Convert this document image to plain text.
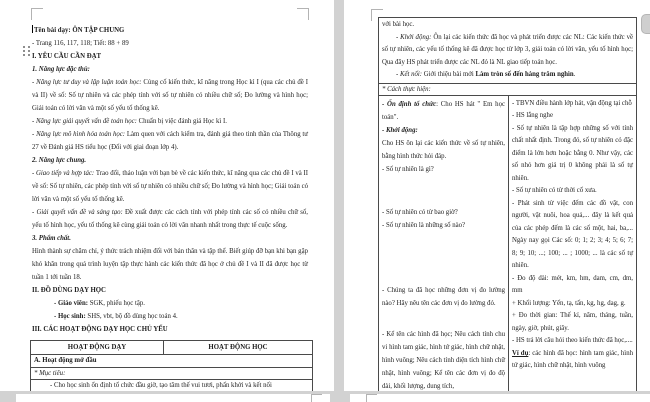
Tên bài dạy: ÔN TẬP CHUNG

- Trang 116, 117, 118; Tiết: 88 + 89

I. YÊU CẦU CẦN ĐẠT

1. Năng lực đặc thù:

- Năng lực tư duy và lập luận toán học: Củng cố kiến thức, kĩ năng trong Học kì I (qua các chủ đề I và II) về số: Số tự nhiên và các phép tính với số tự nhiên có nhiều chữ số; Đo lường và hình học; Giải toán có lời văn và một số yếu tố thống kê.

- Năng lực giải quyết vấn đề toán học: Chuẩn bị việc đánh giá Học kì I.

- Năng lực mô hình hóa toán học: Làm quen với cách kiểm tra, đánh giá theo tinh thần của Thông tư 27 về Đánh giá HS tiểu học (Đối với giai đoạn lớp 4).

2. Năng lực chung.

- Giao tiếp và hợp tác: Trao đổi, thảo luận với bạn bè về các kiến thức, kĩ năng qua các chủ đề I và II về số: Số tự nhiên, các phép tính với số tự nhiên có nhiều chữ số; Đo lường và hình học; Giải toán có lời văn và một số yếu tố thống kê.

- Giải quyết vấn đề và sáng tạo: Đề xuất được các cách tính với phép tính các số có nhiều chữ số, yếu tố hình học, yếu tố thống kê cùng giải toán có lời văn nhanh nhất trong thực tế cuộc sống.

3. Phẩm chất.

Hình thành sự chăm chỉ, ý thức trách nhiệm đối với bản thân và tập thể. Biết giúp đỡ bạn khi bạn gặp khó khăn trong quá trình luyện tập thực hành các kiến thức đã học ở chủ đề I và II đã được học từ tuần 1 tới tuần 18.

II. ĐỒ DÙNG DẠY HỌC

- Giáo viên: SGK, phiếu học tập.

- Học sinh: SHS, vbt, bộ đồ dùng học toán 4.

III. CÁC HOẠT ĐỘNG DẠY HỌC CHỦ YẾU

HOẠT ĐỘNG DẠY	HOẠT ĐỘNG HỌC
A. Hoạt động mở đầu
* Mục tiêu:
- Cho học sinh ổn định tổ chức đầu giờ, tạo tâm thế vui tươi, phấn khởi và kết nối

với bài học.

- Khởi động: Ôn lại các kiến thức đã học và phát triển được các NL: Các kiến thức về số tự nhiên, các yếu tố thống kê đã được học từ lớp 3, giải toán có lời văn, yếu tố hình học; Qua đây HS phát triển được các NL đó là NL giao tiếp toán học.

- Kết nối: Giới thiệu bài mới Làm tròn số đến hàng trăm nghìn.

* Cách thực hiện:

- Ổn định tổ chức: Cho HS hát " Em học toán".

- Khởi động:

Cho HS ôn lại các kiến thức về số tự nhiên, bằng hình thức hỏi đáp.

- Số tự nhiên là gì?

- Số tự nhiên có từ bao giờ?

- Số tự nhiên là những số nào?

- Chúng ta đã học những đơn vị đo lường nào? Hãy nêu tên các đơn vị đo lường đó.

- Kể tên các hình đã học; Nêu cách tính chu vi hình tam giác, hình tứ giác, hình chữ nhật, hình vuông; Nêu cách tính diện tích hình chữ nhật, hình vuông; Kể tên các đơn vị đo độ dài, khối lượng, dung tích,

- TBVN điều hành lớp hát, vận động tại chỗ

- HS lắng nghe

- Số tự nhiên là tập hợp những số với tính chất nhất định. Trong đó, số tự nhiên có đặc điểm là lớn hơn hoặc bằng 0. Như vậy, các số nhỏ hơn giá trị 0 không phải là số tự nhiên.

- Số tự nhiên có từ thời cổ xưa.

- Phát sinh từ việc đếm các đồ vật, con người, vật nuôi, hoa quả,... đây là kết quả của các phép đếm là các số một, hai, ba,... Ngày nay gọi Các số: 0; 1; 2; 3; 4; 5; 6; 7; 8; 9; 10; ...; 100; ... ; 1000; ... là các số tự nhiên.

- Đo độ dài: mét, km, hm, dam, cm, dm, mm

+ Khối lượng: Yến, tạ, tấn, kg, hg, dag, g.

+ Đo thời gian: Thế kỉ, năm, tháng, tuần, ngày, giờ, phút, giây.

- HS trả lời câu hỏi theo kiến thức đã học,....

Ví dụ: các hình đã học: hình tam giác, hình tứ giác, hình chữ nhật, hình vuông
